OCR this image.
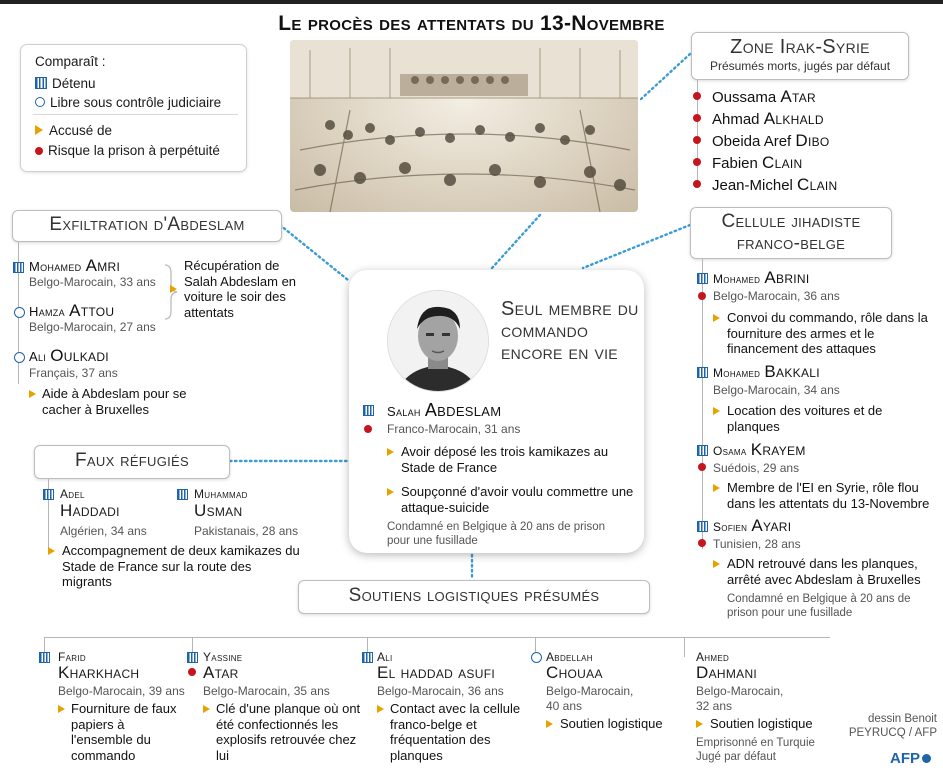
Le procès des attentats du 13-Novembre
Comparaît :
Détenu
Libre sous contrôle judiciaire
Accusé de
Risque la prison à perpétuité
Zone Irak-Syrie
Présumés morts, jugés par défaut
Oussama Atar
Ahmad Alkhald
Obeida Aref Dibo
Fabien Clain
Jean-Michel Clain
Exfiltration d'Abdeslam
Mohamed Amri
Belgo-Marocain, 33 ans
Hamza Attou
Belgo-Marocain, 27 ans
Récupération de Salah Abdeslam en voiture le soir des attentats
Ali Oulkadi
Français, 37 ans
Aide à Abdeslam pour se cacher à Bruxelles
Faux réfugiés
Adel
Haddadi
Algérien, 34 ans
Muhammad
Usman
Pakistanais, 28 ans
Accompagnement de deux kamikazes du Stade de France sur la route des migrants
Seul membre du commando encore en vie
Salah Abdeslam
Franco-Marocain, 31 ans
Avoir déposé les trois kamikazes au Stade de France
Soupçonné d'avoir voulu commettre une attaque-suicide
Condamné en Belgique à 20 ans de prison pour une fusillade
Cellule jihadiste franco-belge
Mohamed Abrini
Belgo-Marocain, 36 ans
Convoi du commando, rôle dans la fourniture des armes et le financement des attaques
Mohamed Bakkali
Belgo-Marocain, 34 ans
Location des voitures et de planques
Osama Krayem
Suédois, 29 ans
Membre de l'EI en Syrie, rôle flou dans les attentats du 13-Novembre
Sofien Ayari
Tunisien, 28 ans
ADN retrouvé dans les planques, arrêté avec Abdeslam à Bruxelles
Condamné en Belgique à 20 ans de prison pour une fusillade
Soutiens logistiques présumés
Farid
Kharkhach
Belgo-Marocain, 39 ans
Fourniture de faux papiers à l'ensemble du commando
Yassine
Atar
Belgo-Marocain, 35 ans
Clé d'une planque où ont été confectionnés les explosifs retrouvée chez lui
Ali
El haddad asufi
Belgo-Marocain, 36 ans
Contact avec la cellule franco-belge et fréquentation des planques
Abdellah
Chouaa
Belgo-Marocain, 40 ans
Soutien logistique
Ahmed
Dahmani
Belgo-Marocain, 32 ans
Soutien logistique
Emprisonné en Turquie Jugé par défaut
dessin Benoit PEYRUCQ / AFP
AFP
